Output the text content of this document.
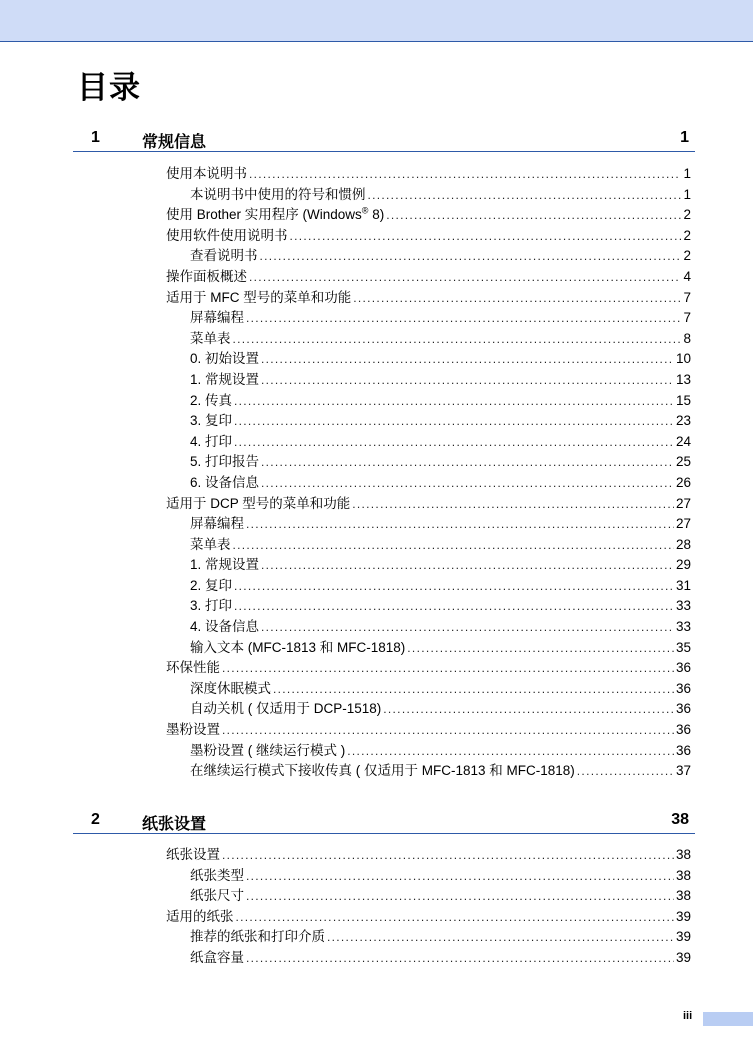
目录
1	常规信息	1
使用本说明书 .....	1
本说明书中使用的符号和惯例 .....	1
使用 Brother 实用程序 (Windows® 8) .....	2
使用软件使用说明书 .....	2
查看说明书 .....	2
操作面板概述 .....	4
适用于 MFC 型号的菜单和功能 .....	7
屏幕编程 .....	7
菜单表 .....	8
0. 初始设置 .....	10
1. 常规设置 .....	13
2. 传真 .....	15
3. 复印 .....	23
4. 打印 .....	24
5. 打印报告 .....	25
6. 设备信息 .....	26
适用于 DCP 型号的菜单和功能 .....	27
屏幕编程 .....	27
菜单表 .....	28
1. 常规设置 .....	29
2. 复印 .....	31
3. 打印 .....	33
4. 设备信息 .....	33
输入文本 (MFC-1813 和 MFC-1818) .....	35
环保性能 .....	36
深度休眠模式 .....	36
自动关机 ( 仅适用于 DCP-1518) .....	36
墨粉设置 .....	36
墨粉设置 ( 继续运行模式 ) .....	36
在继续运行模式下接收传真 ( 仅适用于 MFC-1813 和 MFC-1818) .....	37
2	纸张设置	38
纸张设置 .....	38
纸张类型 .....	38
纸张尺寸 .....	38
适用的纸张 .....	39
推荐的纸张和打印介质 .....	39
纸盒容量 .....	39
iii
